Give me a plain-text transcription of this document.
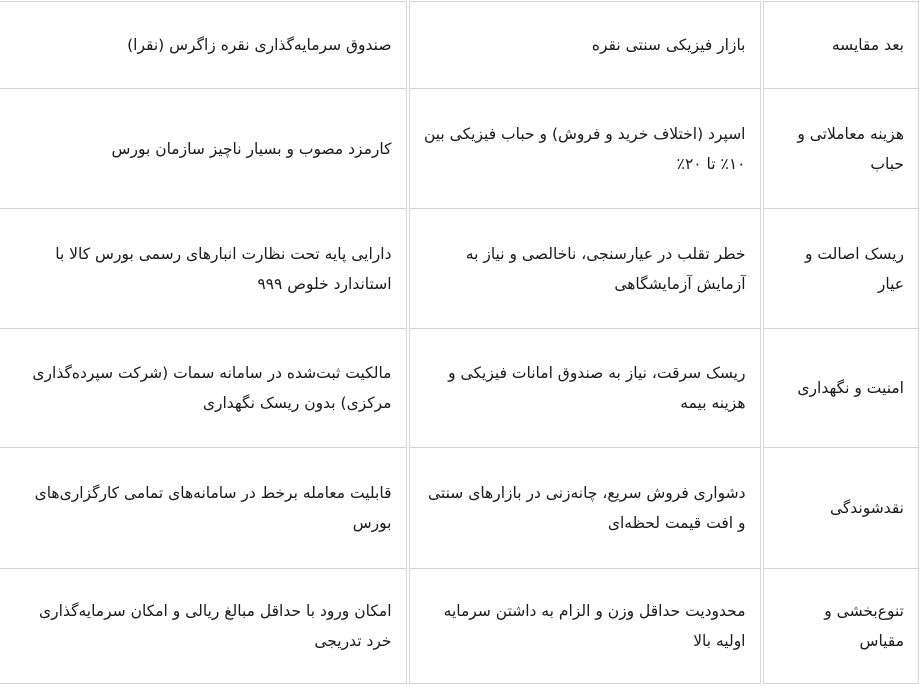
بعد مقایسه	بازار فیزیکی سنتی نقره	صندوق سرمایه‌گذاری نقره زاگرس (نقرا)
هزینه معاملاتی و حباب	اسپرد (اختلاف خرید و فروش) و حباب فیزیکی بین ۱۰٪ تا ۲۰٪	کارمزد مصوب و بسیار ناچیز سازمان بورس
ریسک اصالت و عیار	خطر تقلب در عیارسنجی، ناخالصی و نیاز به آزمایش آزمایشگاهی	دارایی پایه تحت نظارت انبارهای رسمی بورس کالا با استاندارد خلوص ۹۹۹
امنیت و نگهداری	ریسک سرقت، نیاز به صندوق امانات فیزیکی و هزینه بیمه	مالکیت ثبت‌شده در سامانه سمات (شرکت سپرده‌گذاری مرکزی) بدون ریسک نگهداری
نقدشوندگی	دشواری فروش سریع، چانه‌زنی در بازارهای سنتی و افت قیمت لحظه‌ای	قابلیت معامله برخط در سامانه‌های تمامی کارگزاری‌های بورس
تنوع‌بخشی و مقیاس	محدودیت حداقل وزن و الزام به داشتن سرمایه اولیه بالا	امکان ورود با حداقل مبالغ ریالی و امکان سرمایه‌گذاری خرد تدریجی
